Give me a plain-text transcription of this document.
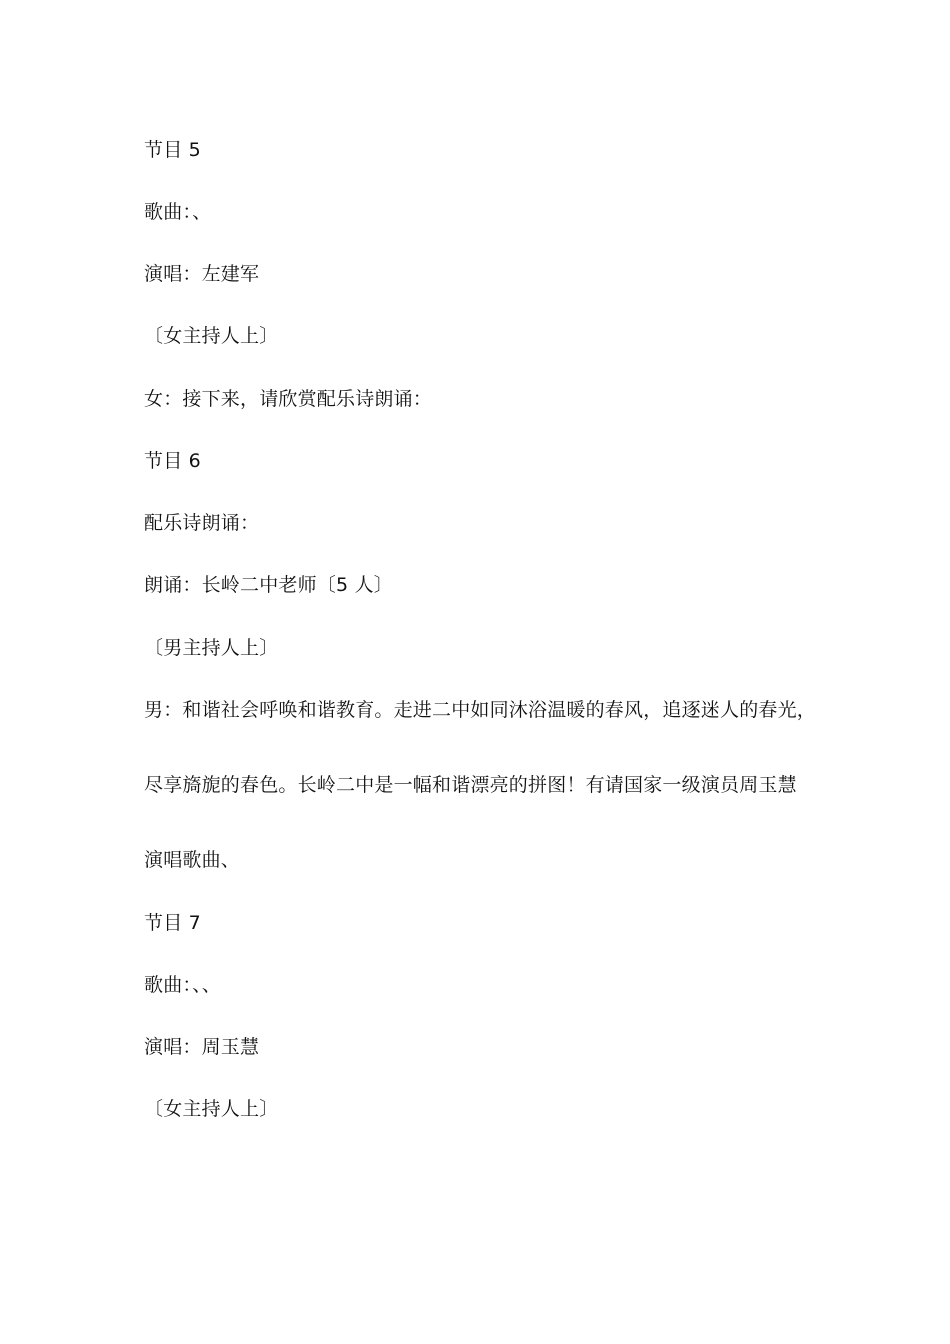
节目 5
歌曲：、
演唱：左建军
〔女主持人上〕
女：接下来，请欣赏配乐诗朗诵：
节目 6
配乐诗朗诵：
朗诵：长岭二中老师〔5 人〕
〔男主持人上〕
男：和谐社会呼唤和谐教育。走进二中如同沐浴温暖的春风，追逐迷人的春光，
尽享旖旎的春色。长岭二中是一幅和谐漂亮的拼图！有请国家一级演员周玉慧
演唱歌曲、
节目 7
歌曲：、、
演唱：周玉慧
〔女主持人上〕
